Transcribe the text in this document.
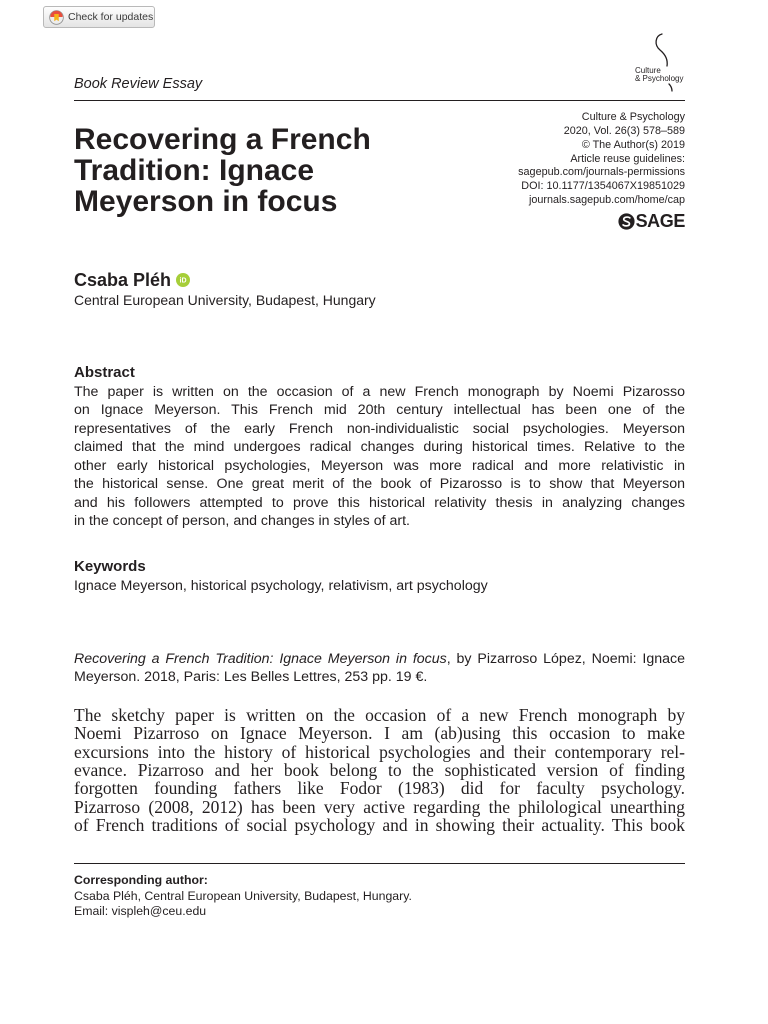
Check for updates
Culture
& Psychology
Book Review Essay
Recovering a French
Tradition: Ignace
Meyerson in focus
Culture & Psychology
2020, Vol. 26(3) 578–589
© The Author(s) 2019
Article reuse guidelines:
sagepub.com/journals-permissions
DOI: 10.1177/1354067X19851029
journals.sagepub.com/home/cap
SAGE
Csaba Pléh iD
Central European University, Budapest, Hungary
Abstract
The paper is written on the occasion of a new French monograph by Noemi Pizarosso
on Ignace Meyerson. This French mid 20th century intellectual has been one of the
representatives of the early French non-individualistic social psychologies. Meyerson
claimed that the mind undergoes radical changes during historical times. Relative to the
other early historical psychologies, Meyerson was more radical and more relativistic in
the historical sense. One great merit of the book of Pizarosso is to show that Meyerson
and his followers attempted to prove this historical relativity thesis in analyzing changes
in the concept of person, and changes in styles of art.
Keywords
Ignace Meyerson, historical psychology, relativism, art psychology
Recovering a French Tradition: Ignace Meyerson in focus, by Pizarroso López, Noemi: Ignace
Meyerson. 2018, Paris: Les Belles Lettres, 253 pp. 19 €.
The sketchy paper is written on the occasion of a new French monograph by
Noemi Pizarroso on Ignace Meyerson. I am (ab)using this occasion to make
excursions into the history of historical psychologies and their contemporary rel-
evance. Pizarroso and her book belong to the sophisticated version of finding
forgotten founding fathers like Fodor (1983) did for faculty psychology.
Pizarroso (2008, 2012) has been very active regarding the philological unearthing
of French traditions of social psychology and in showing their actuality. This book
Corresponding author:
Csaba Pléh, Central European University, Budapest, Hungary.
Email: vispleh@ceu.edu
